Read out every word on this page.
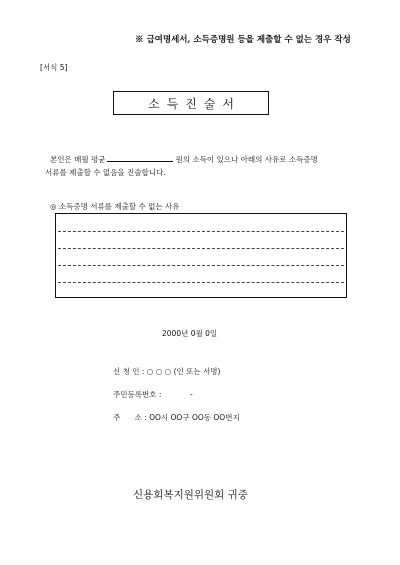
※ 급여명세서, 소득증명원 등을 제출할 수 없는 경우 작성
[서식 5]
소득진술서
본인은 매월 평균	원의 소득이 있으나 아래의 사유로 소득증명
서류를 제출할 수 없음을 진술합니다.
◎ 소득증명 서류를 제출할 수 없는 사유
2000년 0월 0일
신 청 인 : ○ ○ ○ (인 또는 서명)
주민등록번호 :            -
주      소 : OO시 OO구 OO동 OO번지
신용회복지원위원회 귀중
